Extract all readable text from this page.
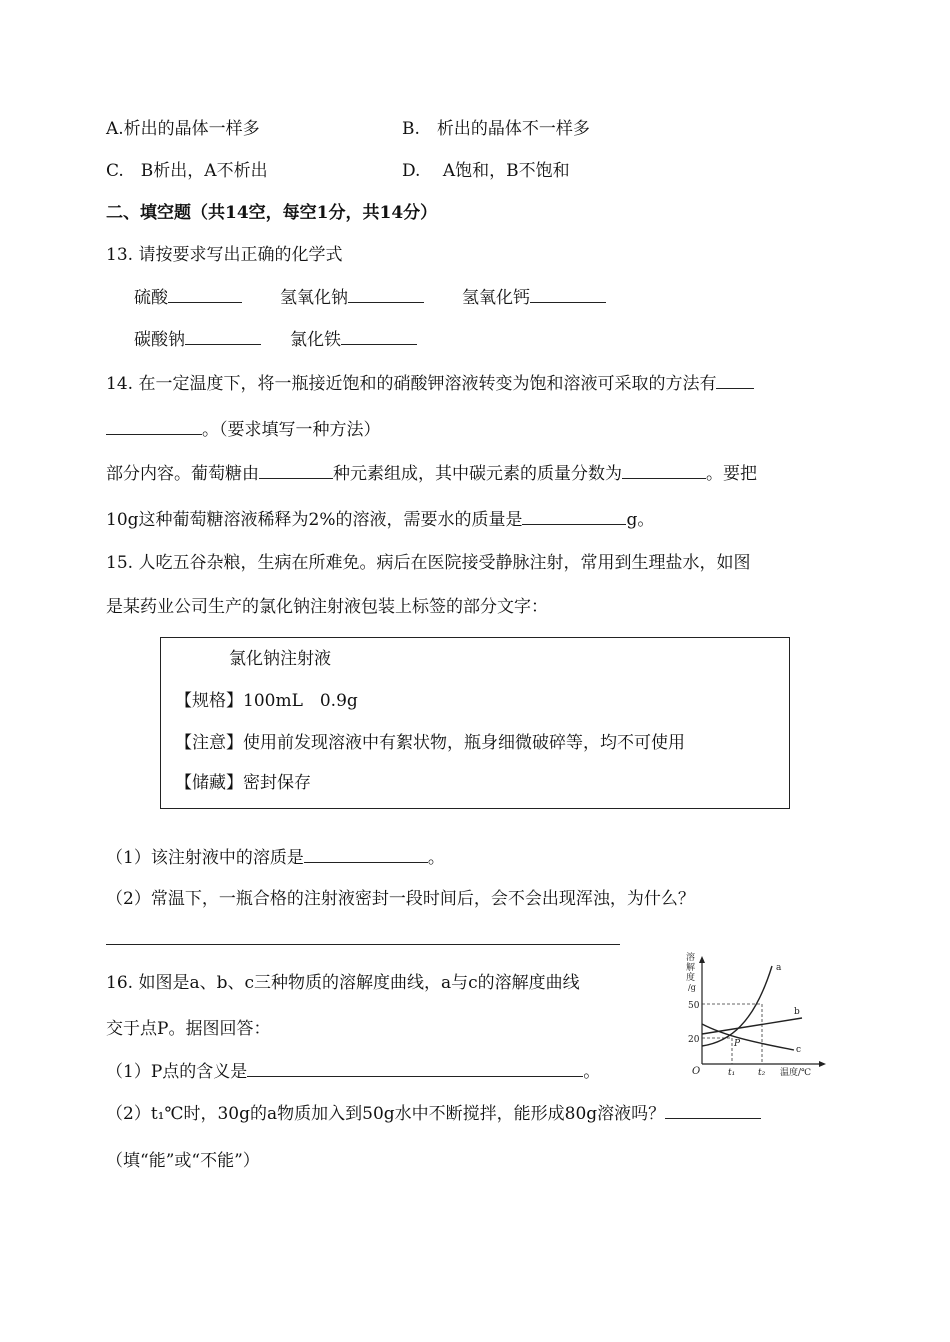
A.析出的晶体一样多	B.　析出的晶体不一样多
C.　B析出，A不析出	D.　 A饱和，B不饱和
二、填空题（共14空，每空1分，共14分）
13. 请按要求写出正确的化学式
硫酸	氢氧化钠	氢氧化钙
碳酸钠	氯化铁
14. 在一定温度下，将一瓶接近饱和的硝酸钾溶液转变为饱和溶液可采取的方法有
。（要求填写一种方法）
部分内容。葡萄糖由	种元素组成，其中碳元素的质量分数为	。要把
10g这种葡萄糖溶液稀释为2%的溶液，需要水的质量是	g。
15. 人吃五谷杂粮，生病在所难免。病后在医院接受静脉注射，常用到生理盐水，如图
是某药业公司生产的氯化钠注射液包装上标签的部分文字：
氯化钠注射液
【规格】100mL　0.9g
【注意】使用前发现溶液中有絮状物，瓶身细微破碎等，均不可使用
【储藏】密封保存
（1）该注射液中的溶质是	。
（2）常温下，一瓶合格的注射液密封一段时间后，会不会出现浑浊，为什么？
16. 如图是a、b、c三种物质的溶解度曲线，a与c的溶解度曲线
交于点P。据图回答：
（1）P点的含义是	。
（2）t₁℃时，30g的a物质加入到50g水中不断搅拌，能形成80g溶液吗？
（填“能”或“不能”）
溶
解
度
/g
50
20
O	t₁	t₂ 温度/℃
P
a
b
c
